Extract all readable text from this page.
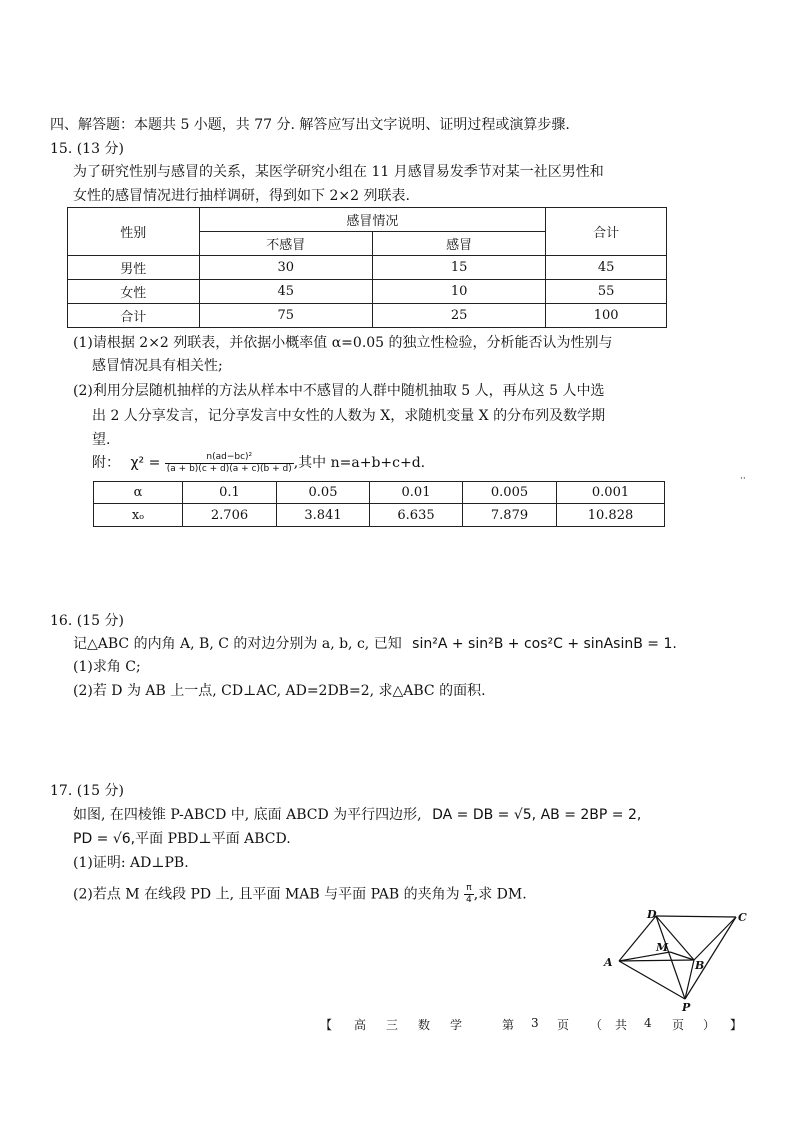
四、解答题：本题共 5 小题，共 77 分. 解答应写出文字说明、证明过程或演算步骤.
15. (13 分)
为了研究性别与感冒的关系，某医学研究小组在 11 月感冒易发季节对某一社区男性和
女性的感冒情况进行抽样调研，得到如下 2×2 列联表.
性别	感冒情况		合计
	不感冒	感冒	
男性	30	15	45
女性	45	10	55
合计	75	25	100
(1)请根据 2×2 列联表，并依据小概率值 α=0.05 的独立性检验，分析能否认为性别与
感冒情况具有相关性;
(2)利用分层随机抽样的方法从样本中不感冒的人群中随机抽取 5 人，再从这 5 人中选
出 2 人分享发言，记分享发言中女性的人数为 X，求随机变量 X 的分布列及数学期
望.
附： $\chi^2 = \frac{\text{n(ad−bc)²}}{(a + b)(c + d)(a + c)(b + d)}$ ,其中 n=a+b+c+d.
α	0.1	0.05	0.01	0.005	0.001
xₒ	2.706	3.841	6.635	7.879	10.828
··
16. (15 分)
记△ABC 的内角 A, B, C 的对边分别为 a, b, c, 已知 sin²A + sin²B + cos²C + sinAsinB = 1.
(1)求角 C;
(2)若 D 为 AB 上一点, CD⊥AC, AD=2DB=2, 求△ABC 的面积.
17. (15 分)
如图, 在四棱锥 P-ABCD 中, 底面 ABCD 为平行四边形, DA = DB = √5, AB = 2BP = 2,
PD = √6,平面 PBD⊥平面 ABCD.
(1)证明: AD⊥PB.
(2)若点 M 在线段 PD 上, 且平面 MAB 与平面 PAB 的夹角为 $\frac{\pi}{4}$ ,求 DM.
D	C
M
A	B
P
【 高 三 数 学	第 3 页 （ 共 4 页 ） 】
